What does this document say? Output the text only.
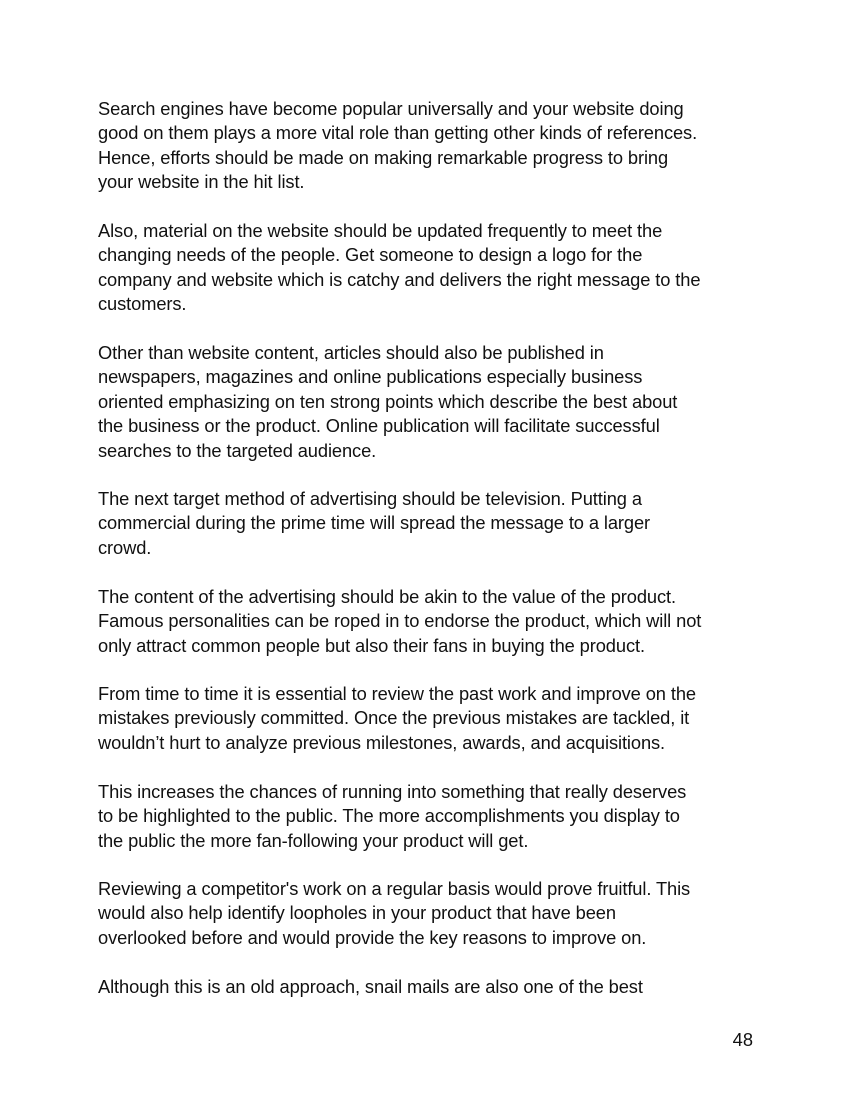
Search engines have become popular universally and your website doing
good on them plays a more vital role than getting other kinds of references.
Hence, efforts should be made on making remarkable progress to bring
your website in the hit list.

Also, material on the website should be updated frequently to meet the
changing needs of the people. Get someone to design a logo for the
company and website which is catchy and delivers the right message to the
customers.

Other than website content, articles should also be published in
newspapers, magazines and online publications especially business
oriented emphasizing on ten strong points which describe the best about
the business or the product. Online publication will facilitate successful
searches to the targeted audience.

The next target method of advertising should be television. Putting a
commercial during the prime time will spread the message to a larger
crowd.

The content of the advertising should be akin to the value of the product.
Famous personalities can be roped in to endorse the product, which will not
only attract common people but also their fans in buying the product.

From time to time it is essential to review the past work and improve on the
mistakes previously committed. Once the previous mistakes are tackled, it
wouldn’t hurt to analyze previous milestones, awards, and acquisitions.

This increases the chances of running into something that really deserves
to be highlighted to the public. The more accomplishments you display to
the public the more fan-following your product will get.

Reviewing a competitor's work on a regular basis would prove fruitful. This
would also help identify loopholes in your product that have been
overlooked before and would provide the key reasons to improve on.

Although this is an old approach, snail mails are also one of the best

48
